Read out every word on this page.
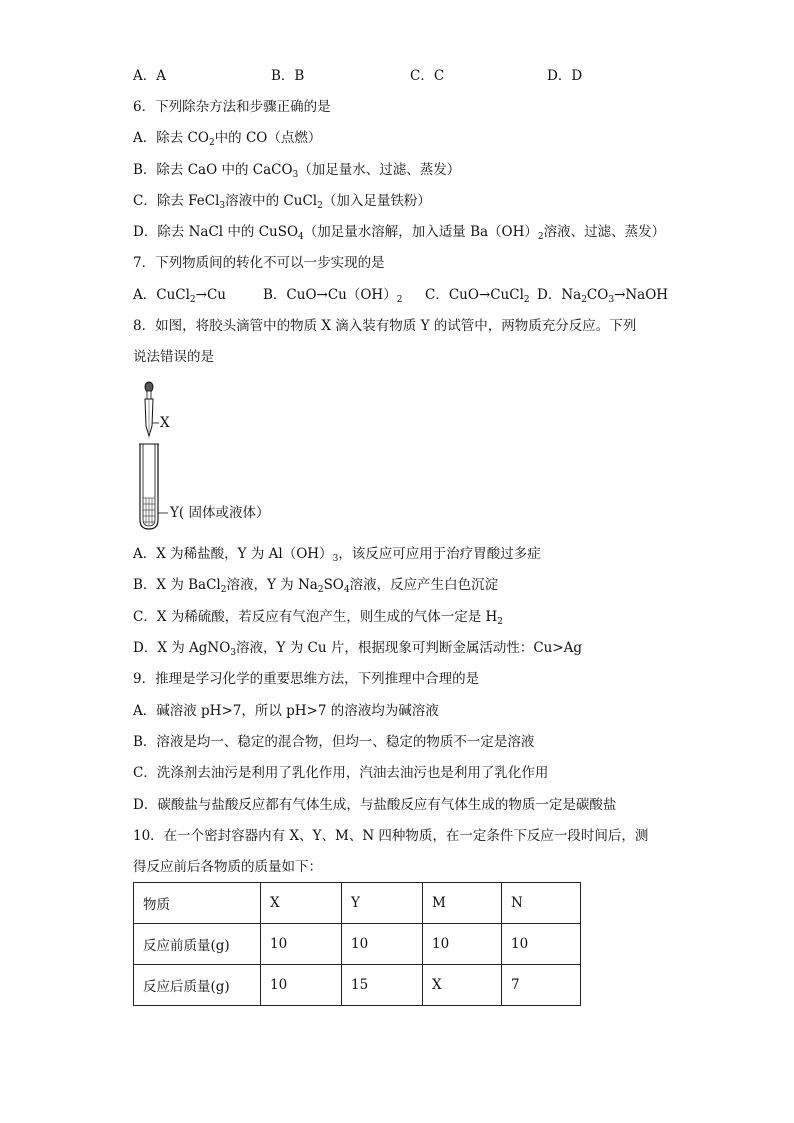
A．A	B．B	C．C	D．D
6．下列除杂方法和步骤正确的是
A．除去 $CO_2$中的 CO（点燃）
B．除去 CaO 中的 CaCO$_3$（加足量水、过滤、蒸发）
C．除去 FeCl$_3$溶液中的 CuCl$_2$（加入足量铁粉）
D．除去 NaCl 中的 CuSO$_4$（加足量水溶解，加入适量 $Ba(OH)_2$溶液、过滤、蒸发）
7．下列物质间的转化不可以一步实现的是
A．CuCl$_2$→Cu	B．$CuO\to Cu(OH)_2$ C．CuO→CuCl$_2$ D．$Na_2CO_3\to NaOH$
8．如图，将胶头滴管中的物质 X 滴入装有物质 Y 的试管中，两物质充分反应。下列
说法错误的是
X
Y( 固体或液体）
A．X 为稀盐酸，Y 为 $Al(OH)_3$，该反应可应用于治疗胃酸过多症
B．X 为 BaCl$_2$溶液，Y 为 $Na_2SO_4$溶液，反应产生白色沉淀
C．X 为稀硫酸，若反应有气泡产生，则生成的气体一定是 $H_2$
D．X 为 AgNO$_3$溶液，Y 为 Cu 片，根据现象可判断金属活动性：Cu>Ag
9．推理是学习化学的重要思维方法，下列推理中合理的是
A．碱溶液 pH>7，所以 pH>7 的溶液均为碱溶液
B．溶液是均一、稳定的混合物，但均一、稳定的物质不一定是溶液
C．洗涤剂去油污是利用了乳化作用，汽油去油污也是利用了乳化作用
D．碳酸盐与盐酸反应都有气体生成，与盐酸反应有气体生成的物质一定是碳酸盐
10．在一个密封容器内有 X、Y、M、N 四种物质，在一定条件下反应一段时间后，测
得反应前后各物质的质量如下：
物质	X	Y	M	N
反应前质量(g)	10	10	10	10
反应后质量(g)	10	15	X	7
